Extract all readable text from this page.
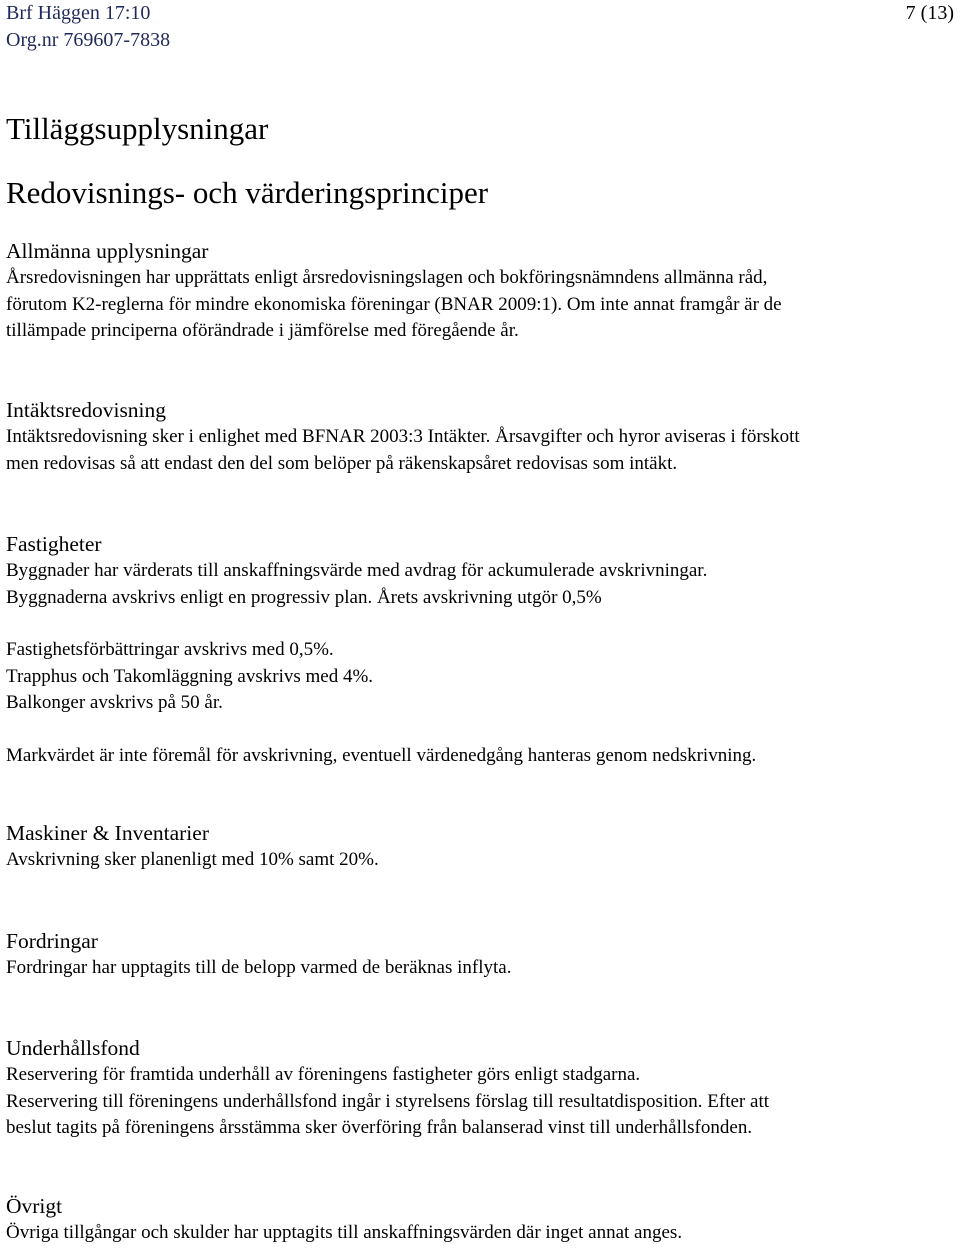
Brf Häggen 17:10
Org.nr 769607-7838
7 (13)
Tilläggsupplysningar
Redovisnings- och värderingsprinciper
Allmänna upplysningar

Årsredovisningen har upprättats enligt årsredovisningslagen och bokföringsnämndens allmänna råd,

förutom K2-reglerna för mindre ekonomiska föreningar (BNAR 2009:1). Om inte annat framgår är de

tillämpade principerna oförändrade i jämförelse med föregående år.

Intäktsredovisning

Intäktsredovisning sker i enlighet med BFNAR 2003:3 Intäkter. Årsavgifter och hyror aviseras i förskott

men redovisas så att endast den del som belöper på räkenskapsåret redovisas som intäkt.

Fastigheter

Byggnader har värderats till anskaffningsvärde med avdrag för ackumulerade avskrivningar.

Byggnaderna avskrivs enligt en progressiv plan. Årets avskrivning utgör 0,5%

Fastighetsförbättringar avskrivs med 0,5%.

Trapphus och Takomläggning avskrivs med 4%.

Balkonger avskrivs på 50 år.

Markvärdet är inte föremål för avskrivning, eventuell värdenedgång hanteras genom nedskrivning.

Maskiner & Inventarier

Avskrivning sker planenligt med 10% samt 20%.

Fordringar

Fordringar har upptagits till de belopp varmed de beräknas inflyta.

Underhållsfond

Reservering för framtida underhåll av föreningens fastigheter görs enligt stadgarna.

Reservering till föreningens underhållsfond ingår i styrelsens förslag till resultatdisposition. Efter att

beslut tagits på föreningens årsstämma sker överföring från balanserad vinst till underhållsfonden.

Övrigt

Övriga tillgångar och skulder har upptagits till anskaffningsvärden där inget annat anges.
